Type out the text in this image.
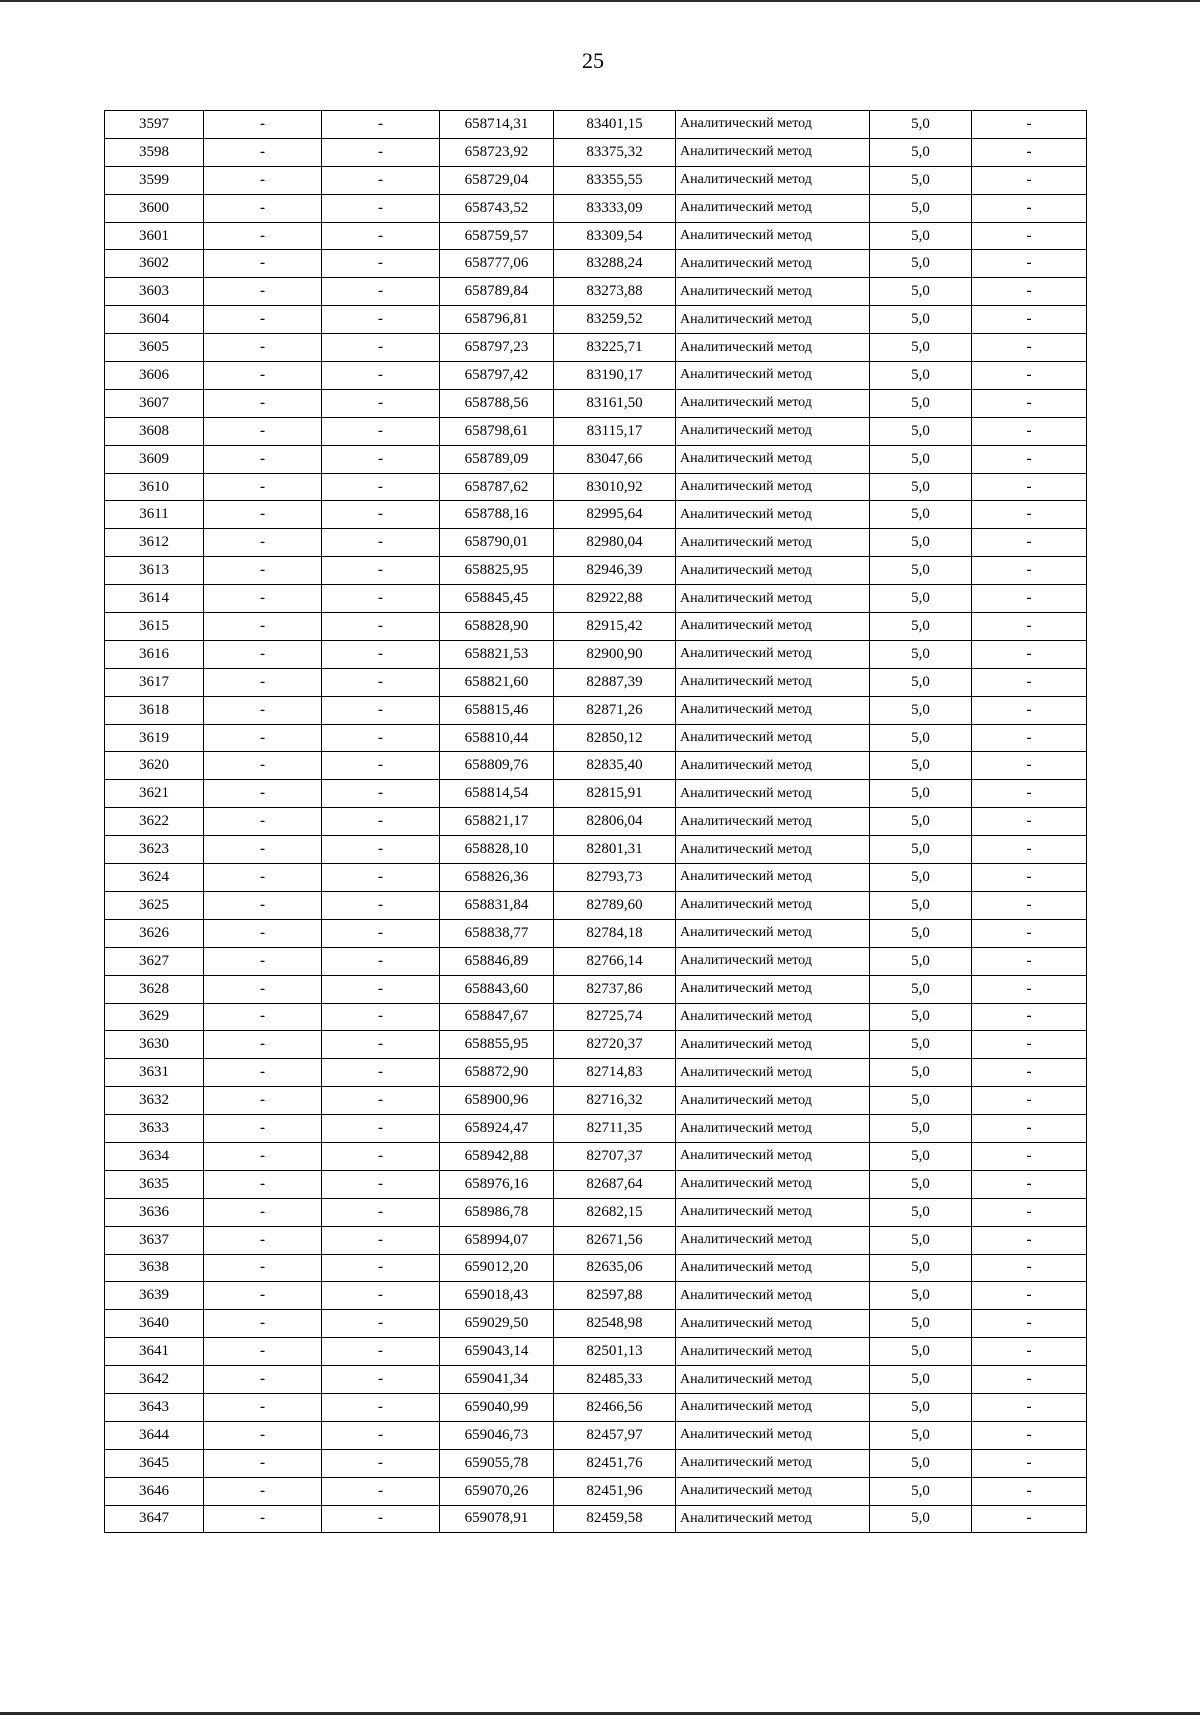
25
3597	-	-	658714,31	83401,15	Аналитический метод	5,0	-
3598	-	-	658723,92	83375,32	Аналитический метод	5,0	-
3599	-	-	658729,04	83355,55	Аналитический метод	5,0	-
3600	-	-	658743,52	83333,09	Аналитический метод	5,0	-
3601	-	-	658759,57	83309,54	Аналитический метод	5,0	-
3602	-	-	658777,06	83288,24	Аналитический метод	5,0	-
3603	-	-	658789,84	83273,88	Аналитический метод	5,0	-
3604	-	-	658796,81	83259,52	Аналитический метод	5,0	-
3605	-	-	658797,23	83225,71	Аналитический метод	5,0	-
3606	-	-	658797,42	83190,17	Аналитический метод	5,0	-
3607	-	-	658788,56	83161,50	Аналитический метод	5,0	-
3608	-	-	658798,61	83115,17	Аналитический метод	5,0	-
3609	-	-	658789,09	83047,66	Аналитический метод	5,0	-
3610	-	-	658787,62	83010,92	Аналитический метод	5,0	-
3611	-	-	658788,16	82995,64	Аналитический метод	5,0	-
3612	-	-	658790,01	82980,04	Аналитический метод	5,0	-
3613	-	-	658825,95	82946,39	Аналитический метод	5,0	-
3614	-	-	658845,45	82922,88	Аналитический метод	5,0	-
3615	-	-	658828,90	82915,42	Аналитический метод	5,0	-
3616	-	-	658821,53	82900,90	Аналитический метод	5,0	-
3617	-	-	658821,60	82887,39	Аналитический метод	5,0	-
3618	-	-	658815,46	82871,26	Аналитический метод	5,0	-
3619	-	-	658810,44	82850,12	Аналитический метод	5,0	-
3620	-	-	658809,76	82835,40	Аналитический метод	5,0	-
3621	-	-	658814,54	82815,91	Аналитический метод	5,0	-
3622	-	-	658821,17	82806,04	Аналитический метод	5,0	-
3623	-	-	658828,10	82801,31	Аналитический метод	5,0	-
3624	-	-	658826,36	82793,73	Аналитический метод	5,0	-
3625	-	-	658831,84	82789,60	Аналитический метод	5,0	-
3626	-	-	658838,77	82784,18	Аналитический метод	5,0	-
3627	-	-	658846,89	82766,14	Аналитический метод	5,0	-
3628	-	-	658843,60	82737,86	Аналитический метод	5,0	-
3629	-	-	658847,67	82725,74	Аналитический метод	5,0	-
3630	-	-	658855,95	82720,37	Аналитический метод	5,0	-
3631	-	-	658872,90	82714,83	Аналитический метод	5,0	-
3632	-	-	658900,96	82716,32	Аналитический метод	5,0	-
3633	-	-	658924,47	82711,35	Аналитический метод	5,0	-
3634	-	-	658942,88	82707,37	Аналитический метод	5,0	-
3635	-	-	658976,16	82687,64	Аналитический метод	5,0	-
3636	-	-	658986,78	82682,15	Аналитический метод	5,0	-
3637	-	-	658994,07	82671,56	Аналитический метод	5,0	-
3638	-	-	659012,20	82635,06	Аналитический метод	5,0	-
3639	-	-	659018,43	82597,88	Аналитический метод	5,0	-
3640	-	-	659029,50	82548,98	Аналитический метод	5,0	-
3641	-	-	659043,14	82501,13	Аналитический метод	5,0	-
3642	-	-	659041,34	82485,33	Аналитический метод	5,0	-
3643	-	-	659040,99	82466,56	Аналитический метод	5,0	-
3644	-	-	659046,73	82457,97	Аналитический метод	5,0	-
3645	-	-	659055,78	82451,76	Аналитический метод	5,0	-
3646	-	-	659070,26	82451,96	Аналитический метод	5,0	-
3647	-	-	659078,91	82459,58	Аналитический метод	5,0	-
